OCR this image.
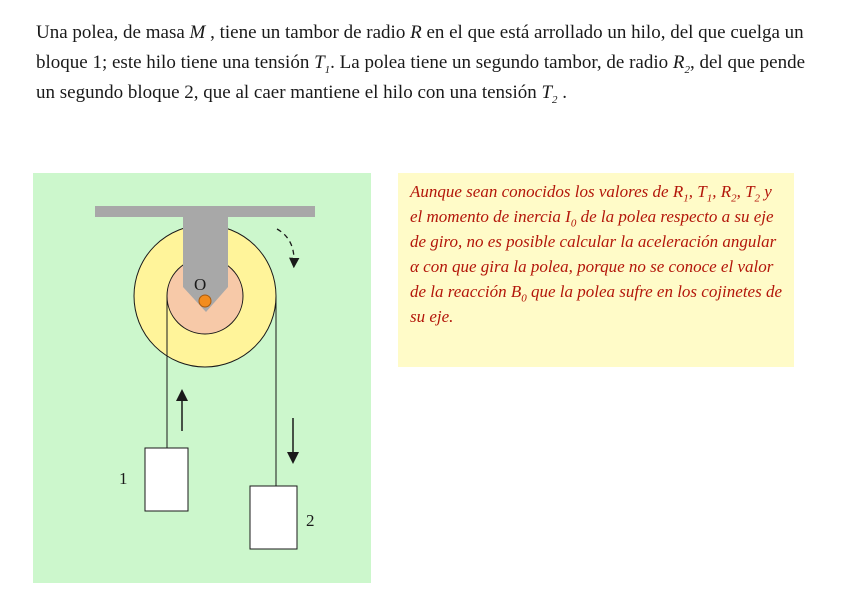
Una polea, de masa M , tiene un tambor de radio R en el que está arrollado un hilo, del que cuelga un bloque 1; este hilo tiene una tensión $T_1$. La polea tiene un segundo tambor, de radio $R_2$, del que pende un segundo bloque 2, que al caer mantiene el hilo con una tensión $T_2$ .
O
1
2
Aunque sean conocidos los valores de $R_1$, $T_1$, $R_2$, $T_2$ y el momento de inercia $I_0$ de la polea respecto a su eje de giro, no es posible calcular la aceleración angular α con que gira la polea, porque no se conoce el valor de la reacción $B_0$ que la polea sufre en los cojinetes de su eje.
